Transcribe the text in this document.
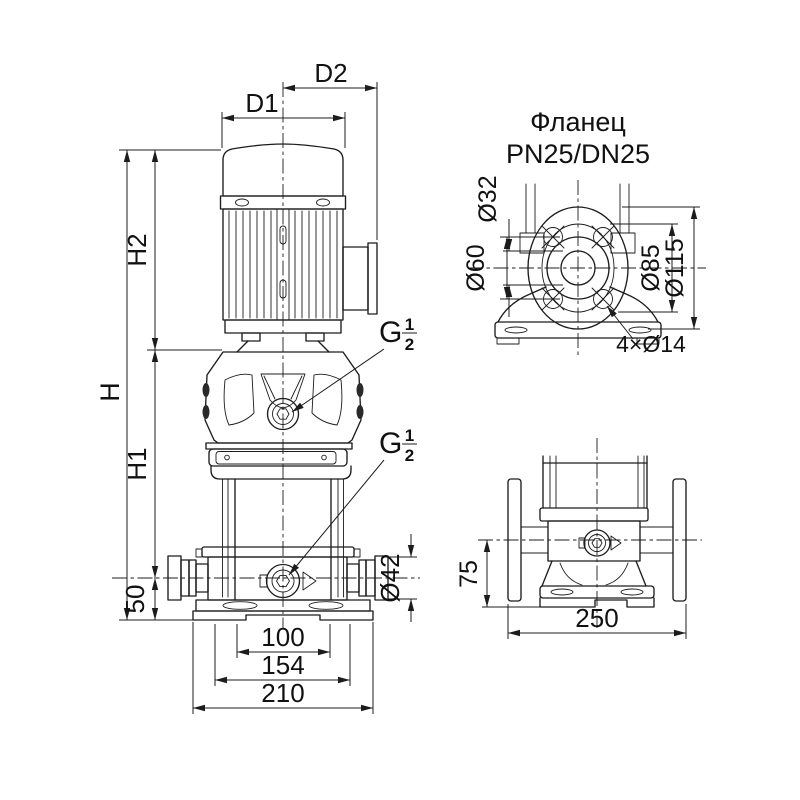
D1
D2
H
H2
H1
50	Ø42
100
154
210
G 1
2
G 1
2
Фланец
PN25/DN25
Ø32
Ø60	Ø85
Ø115
4×Ø14
75
250
